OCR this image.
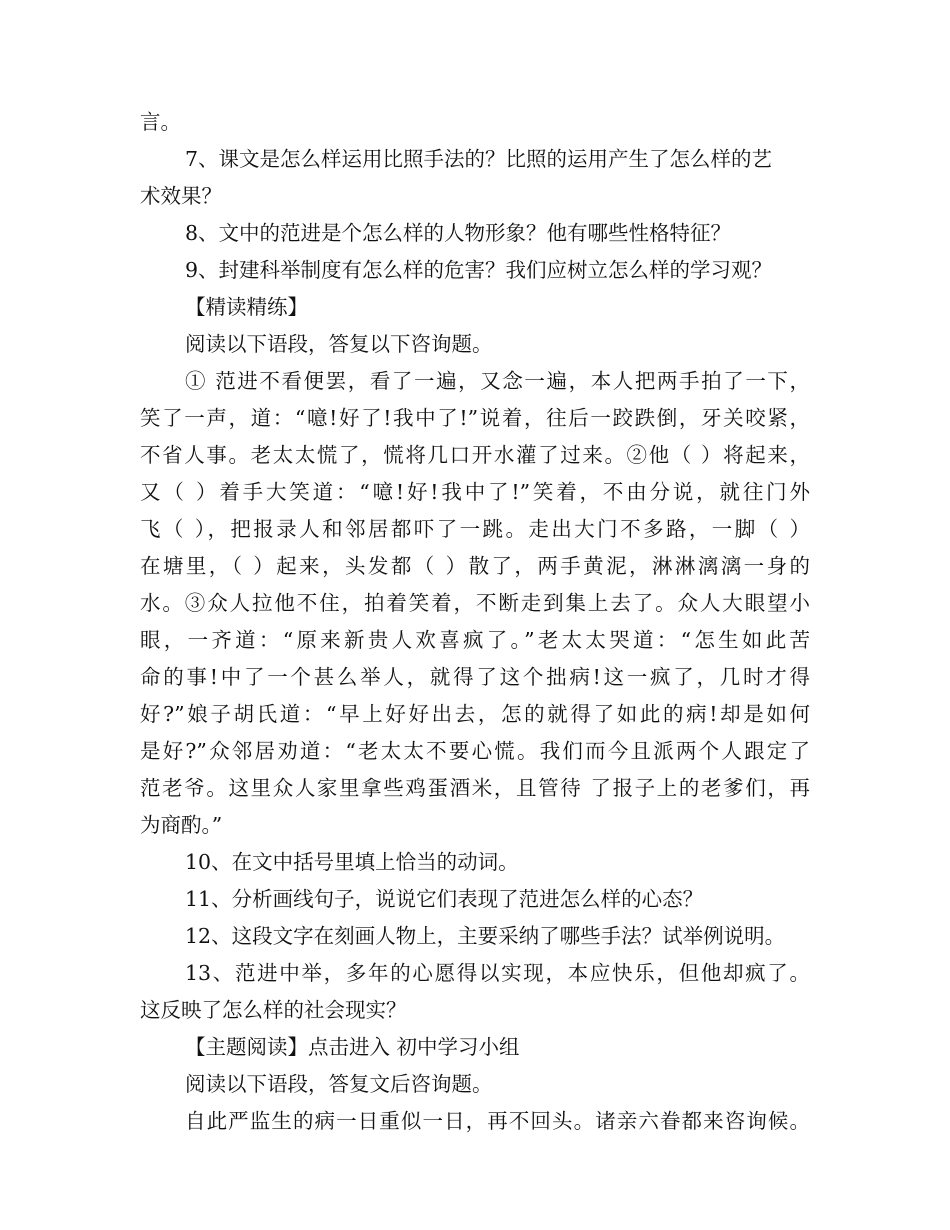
言。
7、课文是怎么样运用比照手法的？比照的运用产生了怎么样的艺
术效果？
8、文中的范进是个怎么样的人物形象？他有哪些性格特征？
9、封建科举制度有怎么样的危害？我们应树立怎么样的学习观？
【精读精练】
阅读以下语段，答复以下咨询题。
① 范进不看便罢，看了一遍，又念一遍，本人把两手拍了一下，
笑了一声，道：“噫!好了!我中了!”说着，往后一跤跌倒，牙关咬紧，
不省人事。老太太慌了，慌将几口开水灌了过来。②他（ ）将起来，
又（ ）着手大笑道：“噫!好!我中了!”笑着，不由分说，就往门外
飞（ ），把报录人和邻居都吓了一跳。走出大门不多路，一脚（ ）
在塘里，（ ）起来，头发都（ ）散了，两手黄泥，淋淋漓漓一身的
水。③众人拉他不住，拍着笑着，不断走到集上去了。众人大眼望小
眼，一齐道：“原来新贵人欢喜疯了。”老太太哭道：“怎生如此苦
命的事!中了一个甚么举人，就得了这个拙病!这一疯了，几时才得
好?”娘子胡氏道：“早上好好出去，怎的就得了如此的病!却是如何
是好?”众邻居劝道：“老太太不要心慌。我们而今且派两个人跟定了
范老爷。这里众人家里拿些鸡蛋酒米，且管待 了报子上的老爹们，再
为商酌。”
10、在文中括号里填上恰当的动词。
11、分析画线句子，说说它们表现了范进怎么样的心态？
12、这段文字在刻画人物上，主要采纳了哪些手法？试举例说明。
13、范进中举，多年的心愿得以实现，本应快乐，但他却疯了。
这反映了怎么样的社会现实？
【主题阅读】点击进入 初中学习小组
阅读以下语段，答复文后咨询题。
自此严监生的病一日重似一日，再不回头。诸亲六眷都来咨询候。
